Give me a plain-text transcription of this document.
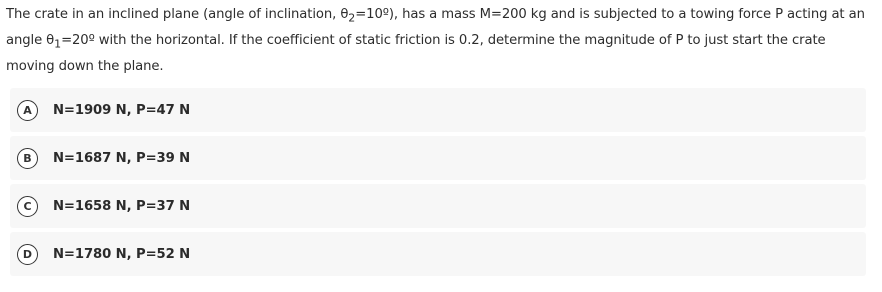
The crate in an inclined plane (angle of inclination, $\theta_2=10º$), has a mass M=200 kg and is subjected to a towing force P acting at an angle $\theta_1=20º$ with the horizontal. If the coefficient of static friction is 0.2, determine the magnitude of P to just start the crate moving down the plane.
A	N=1909 N, P=47 N
B	N=1687 N, P=39 N
C	N=1658 N, P=37 N
D	N=1780 N, P=52 N
